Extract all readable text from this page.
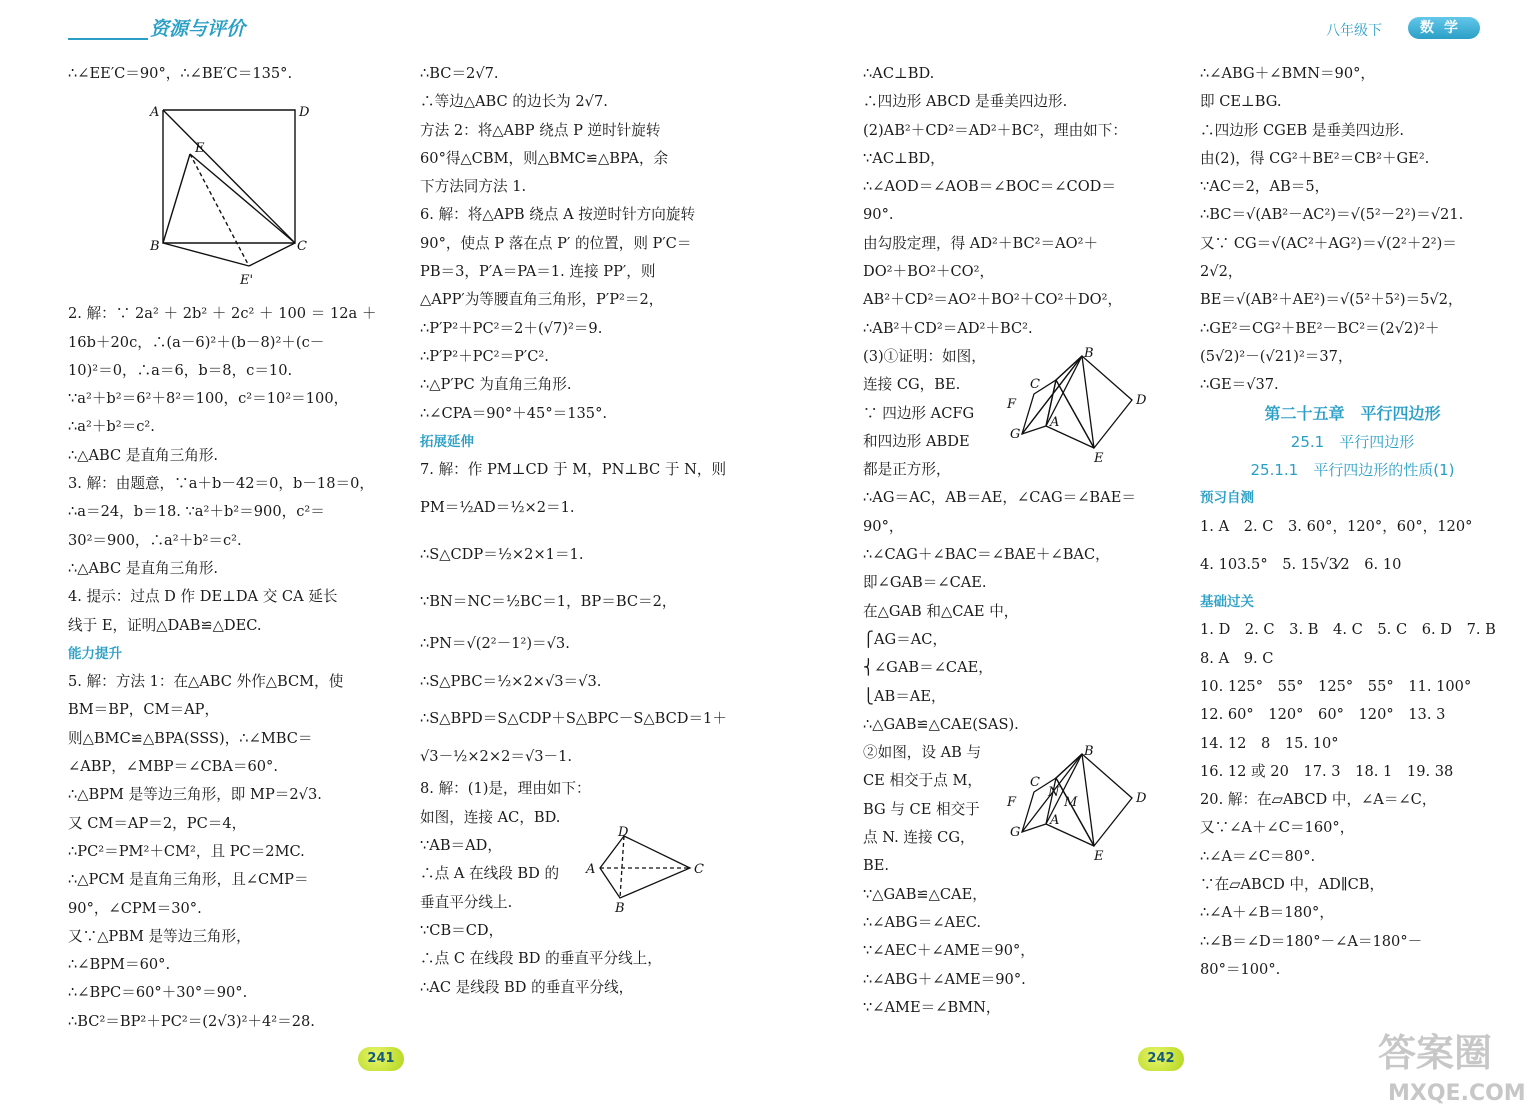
资源与评价
∴∠EE′C＝90°，∴∠BE′C＝135°.
2. 解：∵ 2a² ＋ 2b² ＋ 2c² ＋ 100 ＝ 12a ＋
16b＋20c，∴(a－6)²＋(b－8)²＋(c－
10)²＝0，∴a＝6，b＝8，c＝10.
∵a²＋b²＝6²＋8²＝100，c²＝10²＝100，
∴a²＋b²＝c².
∴△ABC 是直角三角形.
3. 解：由题意，∵a＋b－42＝0，b－18＝0，
∴a＝24，b＝18. ∵a²＋b²＝900，c²＝
30²＝900，∴a²＋b²＝c².
∴△ABC 是直角三角形.
4. 提示：过点 D 作 DE⊥DA 交 CA 延长
线于 E，证明△DAB≌△DEC.
能力提升
5. 解：方法 1：在△ABC 外作△BCM，使
BM＝BP，CM＝AP，
则△BMC≌△BPA(SSS)，∴∠MBC＝
∠ABP，∠MBP＝∠CBA＝60°.
∴△BPM 是等边三角形，即 MP＝2√3.
又 CM＝AP＝2，PC＝4，
∴PC²＝PM²＋CM²，且 PC＝2MC.
∴△PCM 是直角三角形，且∠CMP＝
90°，∠CPM＝30°.
又∵△PBM 是等边三角形，
∴∠BPM＝60°.
∴∠BPC＝60°＋30°＝90°.
∴BC²＝BP²＋PC²＝(2√3)²＋4²＝28.
∴BC＝2√7.
∴等边△ABC 的边长为 2√7.
方法 2：将△ABP 绕点 P 逆时针旋转
60°得△CBM，则△BMC≌△BPA，余
下方法同方法 1.
6. 解：将△APB 绕点 A 按逆时针方向旋转
90°，使点 P 落在点 P′ 的位置，则 P′C＝
PB＝3，P′A＝PA＝1. 连接 PP′，则
△APP′为等腰直角三角形，P′P²＝2，
∴P′P²＋PC²＝2＋(√7)²＝9.
∴P′P²＋PC²＝P′C².
∴△P′PC 为直角三角形.
∴∠CPA＝90°＋45°＝135°.
拓展延伸
7. 解：作 PM⊥CD 于 M，PN⊥BC 于 N，则
PM＝½AD＝½×2＝1.
∴S△CDP＝½×2×1＝1.
∵BN＝NC＝½BC＝1，BP＝BC＝2，
∴PN＝√(2²－1²)＝√3.
∴S△PBC＝½×2×√3＝√3.
∴S△BPD＝S△CDP＋S△BPC－S△BCD＝1＋
√3－½×2×2＝√3－1.
8. 解：(1)是，理由如下：
如图，连接 AC，BD.
∵AB＝AD，
∴点 A 在线段 BD 的
垂直平分线上.
∵CB＝CD，
∴点 C 在线段 BD 的垂直平分线上，
∴AC 是线段 BD 的垂直平分线，
A	D
E
B	C
E'
D
A	C
B
241
∴AC⊥BD.
∴四边形 ABCD 是垂美四边形.
(2)AB²＋CD²＝AD²＋BC²，理由如下：
∵AC⊥BD，
∴∠AOD＝∠AOB＝∠BOC＝∠COD＝
90°.
由勾股定理，得 AD²＋BC²＝AO²＋
DO²＋BO²＋CO²，
AB²＋CD²＝AO²＋BO²＋CO²＋DO²，
∴AB²＋CD²＝AD²＋BC².
(3)①证明：如图，
连接 CG，BE.
∵ 四边形 ACFG
和四边形 ABDE
都是正方形，
∴AG＝AC，AB＝AE，∠CAG＝∠BAE＝
90°，
∴∠CAG＋∠BAC＝∠BAE＋∠BAC，
即∠GAB＝∠CAE.
在△GAB 和△CAE 中，
⎧AG＝AC，
⎨∠GAB＝∠CAE，
⎩AB＝AE，
∴△GAB≌△CAE(SAS).
②如图，设 AB 与
CE 相交于点 M，
BG 与 CE 相交于
点 N. 连接 CG，
BE.
∵△GAB≌△CAE，
∴∠ABG＝∠AEC.
∵∠AEC＋∠AME＝90°，
∴∠ABG＋∠AME＝90°.
∵∠AME＝∠BMN，
∴∠ABG＋∠BMN＝90°，
即 CE⊥BG.
∴四边形 CGEB 是垂美四边形.
由(2)，得 CG²＋BE²＝CB²＋GE².
∵AC＝2，AB＝5，
∴BC＝√(AB²－AC²)＝√(5²－2²)＝√21.
又∵ CG＝√(AC²＋AG²)＝√(2²＋2²)＝
2√2，
BE＝√(AB²＋AE²)＝√(5²＋5²)＝5√2，
∴GE²＝CG²＋BE²－BC²＝(2√2)²＋
(5√2)²－(√21)²＝37，
∴GE＝√37.
第二十五章　平行四边形
25.1　平行四边形
25.1.1　平行四边形的性质(1)
预习自测
1. A　2. C　3. 60°，120°，60°，120°
4. 103.5°　5. 15√3⁄2　6. 10
基础过关
1. D　2. C　3. B　4. C　5. C　6. D　7. B
8. A　9. C
10. 125°　55°　125°　55°　11. 100°
12. 60°　120°　60°　120°　13. 3
14. 12　8　15. 10°
16. 12 或 20　17. 3　18. 1　19. 38
20. 解：在▱ABCD 中，∠A＝∠C，
又∵∠A＋∠C＝160°，
∴∠A＝∠C＝80°.
∵在▱ABCD 中，AD∥CB，
∴∠A＋∠B＝180°，
∴∠B＝∠D＝180°－∠A＝180°－
80°＝100°.
B
C
F
A
G
D
E
B
C
N
M
F
A
G
D
E
242
八年级下	数学
答案圈
MXQE.COM
